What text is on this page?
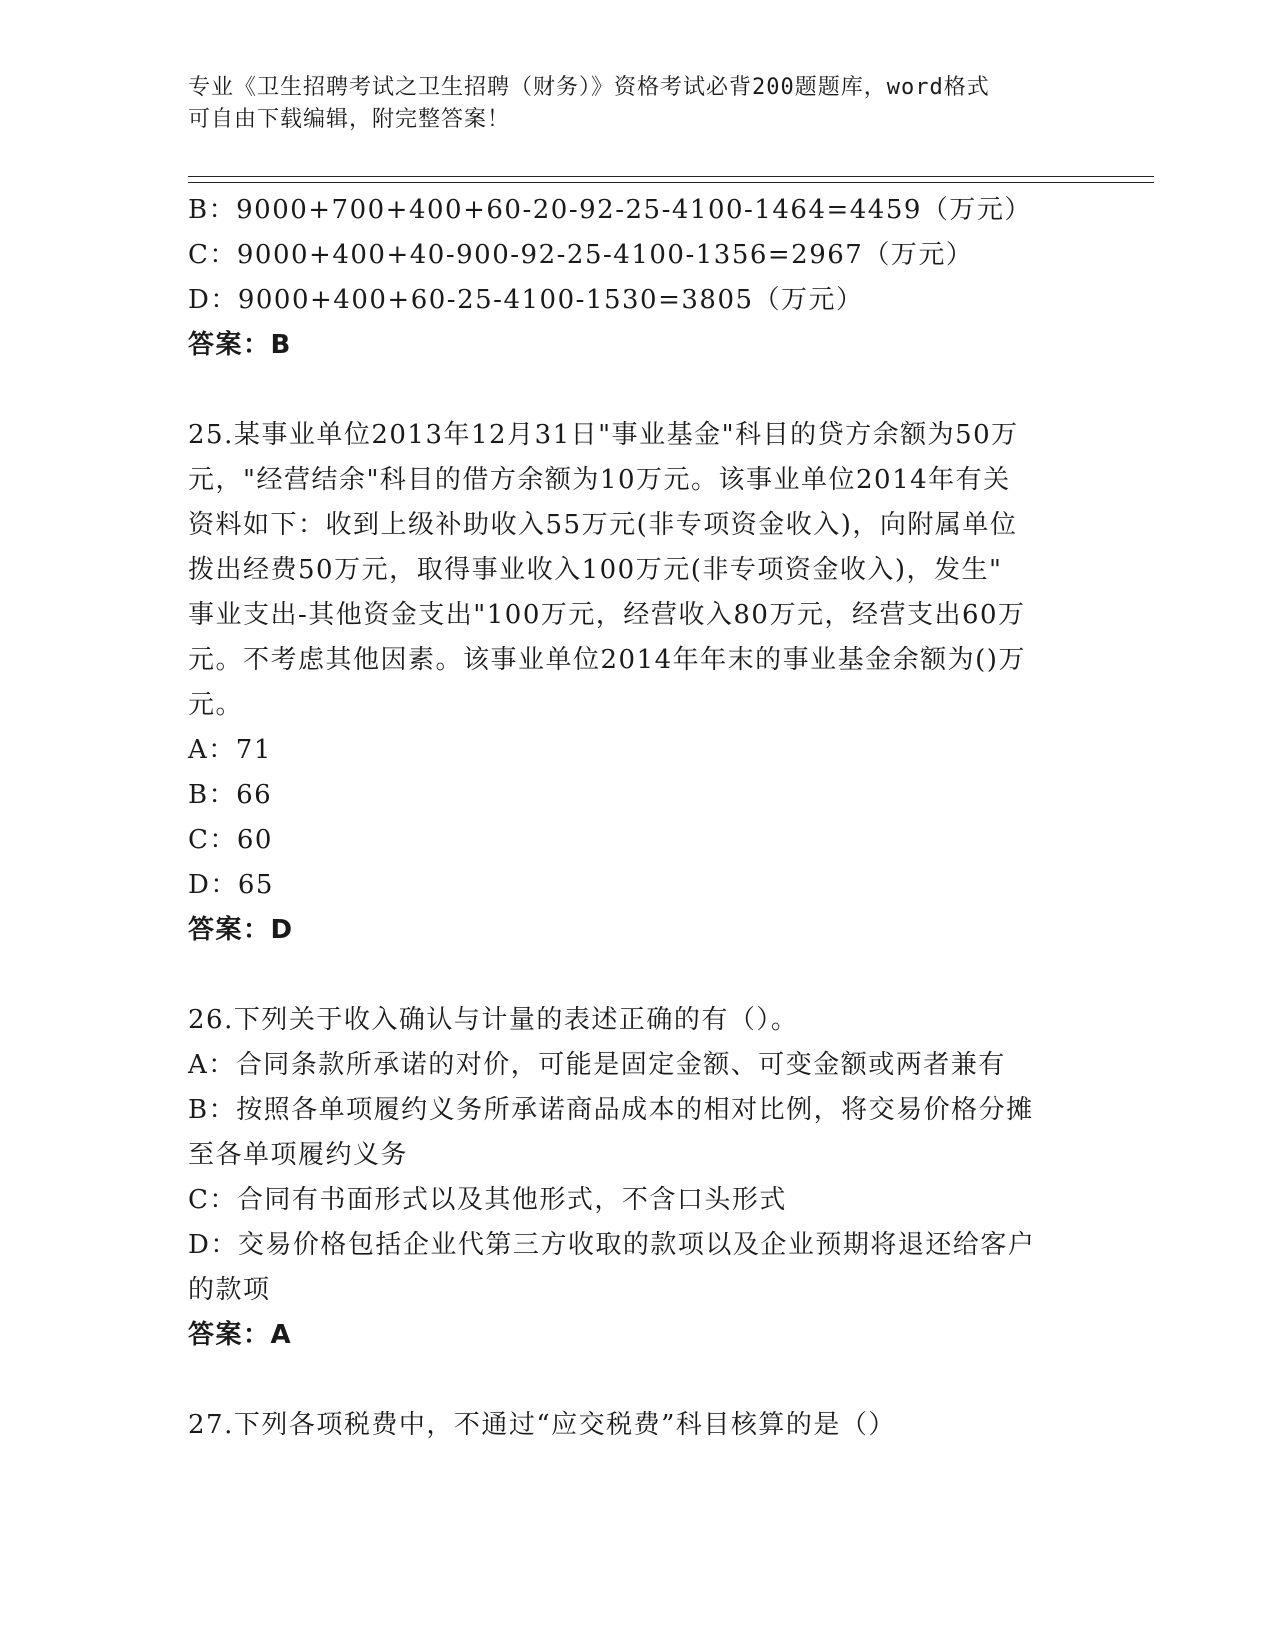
专业《卫生招聘考试之卫生招聘（财务）》资格考试必背200题题库，word格式
可自由下载编辑，附完整答案！
B：9000+700+400+60-20-92-25-4100-1464=4459（万元）
C：9000+400+40-900-92-25-4100-1356=2967（万元）
D：9000+400+60-25-4100-1530=3805（万元）
答案：B
25.某事业单位2013年12月31日"事业基金"科目的贷方余额为50万
元，"经营结余"科目的借方余额为10万元。该事业单位2014年有关
资料如下：收到上级补助收入55万元(非专项资金收入)，向附属单位
拨出经费50万元，取得事业收入100万元(非专项资金收入)，发生"
事业支出-其他资金支出"100万元，经营收入80万元，经营支出60万
元。不考虑其他因素。该事业单位2014年年末的事业基金余额为()万
元。
A：71
B：66
C：60
D：65
答案：D
26.下列关于收入确认与计量的表述正确的有（）。
A：合同条款所承诺的对价，可能是固定金额、可变金额或两者兼有
B：按照各单项履约义务所承诺商品成本的相对比例，将交易价格分摊
至各单项履约义务
C：合同有书面形式以及其他形式，不含口头形式
D：交易价格包括企业代第三方收取的款项以及企业预期将退还给客户
的款项
答案：A
27.下列各项税费中，不通过“应交税费”科目核算的是（）
